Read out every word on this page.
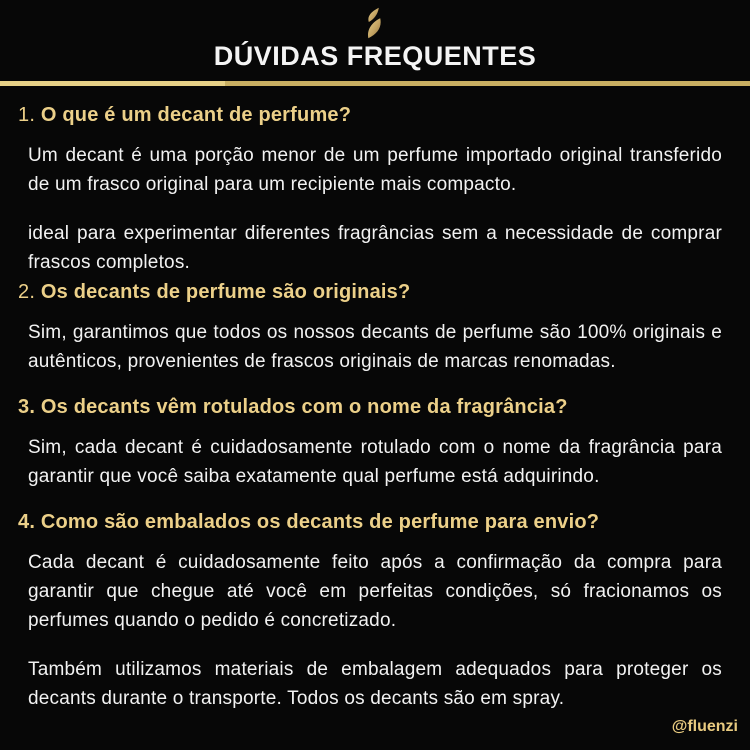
DÚVIDAS FREQUENTES
1. O que é um decant de perfume?

Um decant é uma porção menor de um perfume importado original transferido de um frasco original para um recipiente mais compacto.

ideal para experimentar diferentes fragrâncias sem a necessidade de comprar frascos completos.

2. Os decants de perfume são originais?

Sim, garantimos que todos os nossos decants de perfume são 100% originais e autênticos, provenientes de frascos originais de marcas renomadas.

3. Os decants vêm rotulados com o nome da fragrância?

Sim, cada decant é cuidadosamente rotulado com o nome da fragrância para garantir que você saiba exatamente qual perfume está adquirindo.

4. Como são embalados os decants de perfume para envio?

Cada decant é cuidadosamente feito após a confirmação da compra para garantir que chegue até você em perfeitas condições, só fracionamos os perfumes quando o pedido é concretizado.

Também utilizamos materiais de embalagem adequados para proteger os decants durante o transporte. Todos os decants são em spray.

@fluenzi
